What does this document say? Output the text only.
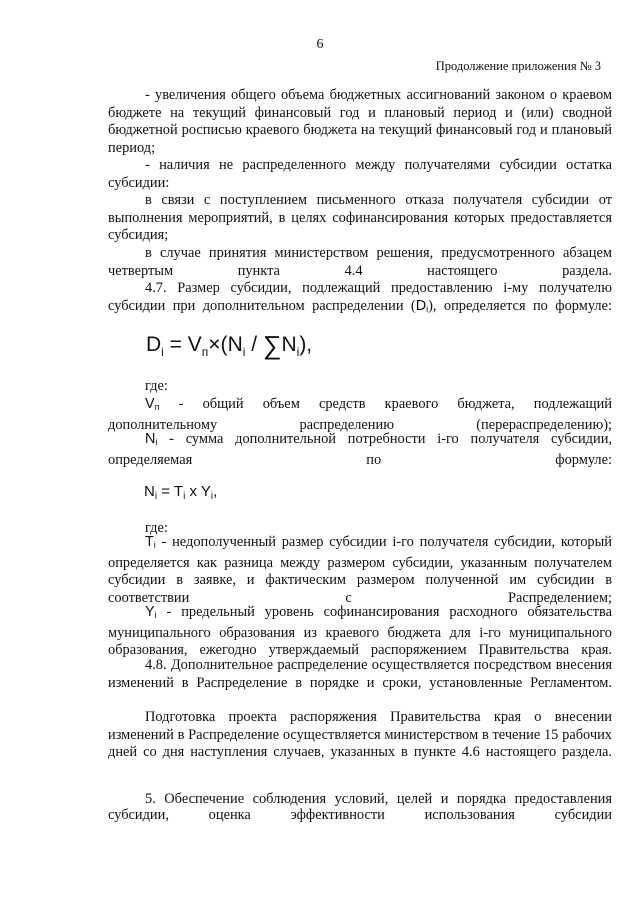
6
Продолжение приложения № 3

- увеличения общего объема бюджетных ассигнований законом о краевом бюджете на текущий финансовый год и плановый период и (или) сводной бюджетной росписью краевого бюджета на текущий финансовый год и плановый период;

- наличия не распределенного между получателями субсидии остатка субсидии:

в связи с поступлением письменного отказа получателя субсидии от выполнения мероприятий, в целях софинансирования которых предоставляется субсидия;

в случае принятия министерством решения, предусмотренного абзацем четвертым пункта 4.4 настоящего раздела.

4.7. Размер субсидии, подлежащий предоставлению i-му получателю субсидии при дополнительном распределении $(D_i)$, определяется по формуле:

$D_i = V_п\times(N_i / \sum N_i)$,

где:

$V_п$ - общий объем средств краевого бюджета, подлежащий дополнительному распределению (перераспределению);

$N_i$ - сумма дополнительной потребности i-го получателя субсидии, определяемая по формуле:

$N_i = T_i$ x $Y_i$,

где:

$T_i$ - недополученный размер субсидии i-го получателя субсидии, который определяется как разница между размером субсидии, указанным получателем субсидии в заявке, и фактическим размером полученной им субсидии в соответствии с Распределением;

$Y_i$ - предельный уровень софинансирования расходного обязательства муниципального образования из краевого бюджета для i-го муниципального образования, ежегодно утверждаемый распоряжением Правительства края.

4.8. Дополнительное распределение осуществляется посредством внесения изменений в Распределение в порядке и сроки, установленные Регламентом.

Подготовка проекта распоряжения Правительства края о внесении изменений в Распределение осуществляется министерством в течение 15 рабочих дней со дня наступления случаев, указанных в пункте 4.6 настоящего раздела.

5. Обеспечение соблюдения условий, целей и порядка предоставления субсидии, оценка эффективности использования субсидии
